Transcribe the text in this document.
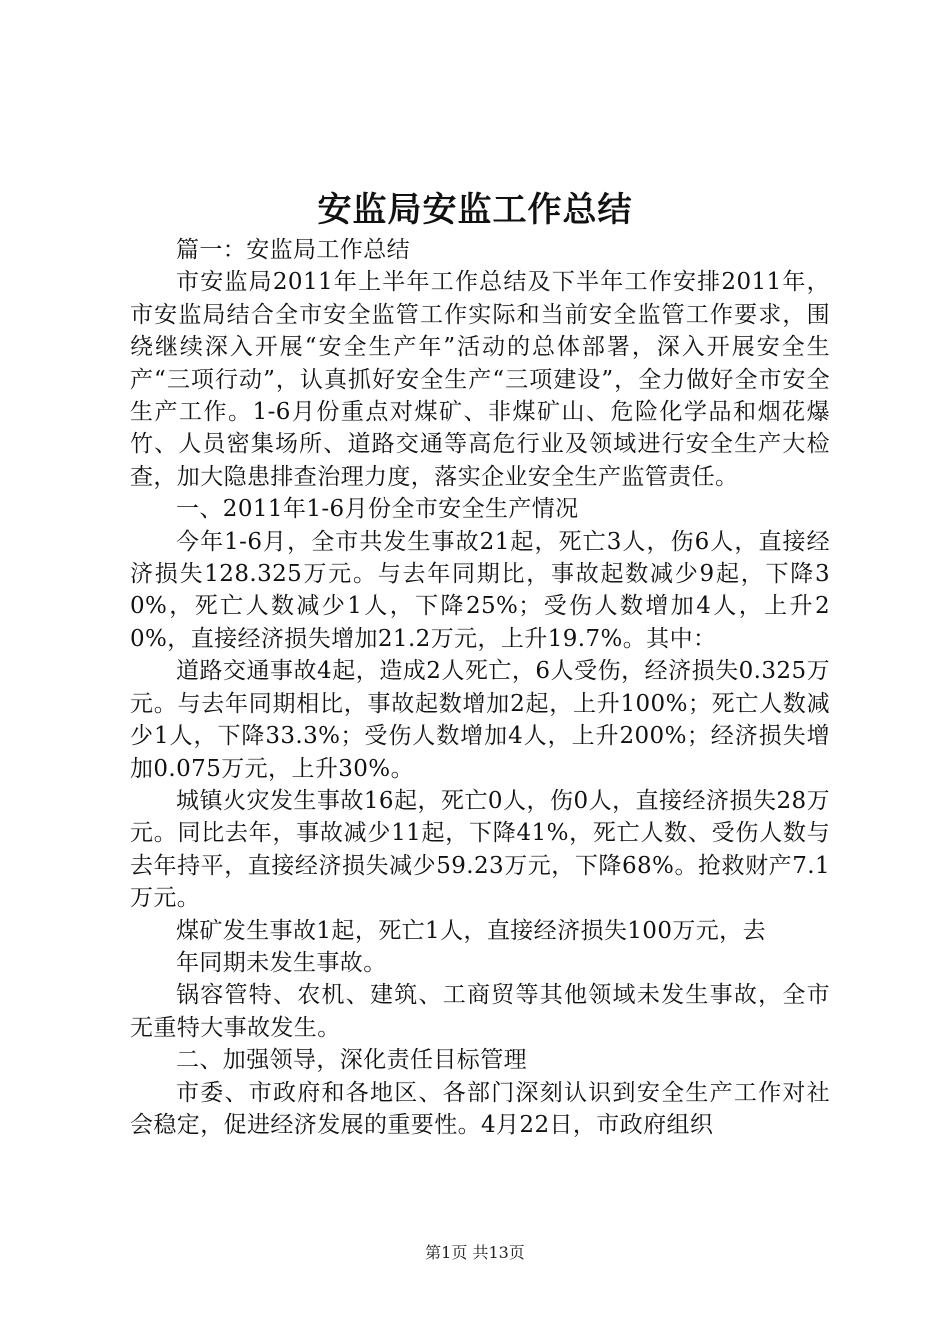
安监局安监工作总结

篇一：安监局工作总结

市安监局2011年上半年工作总结及下半年工作安排2011年，市安监局结合全市安全监管工作实际和当前安全监管工作要求，围绕继续深入开展“安全生产年”活动的总体部署，深入开展安全生产“三项行动”，认真抓好安全生产“三项建设”，全力做好全市安全生产工作。1-6月份重点对煤矿、非煤矿山、危险化学品和烟花爆竹、人员密集场所、道路交通等高危行业及领域进行安全生产大检查，加大隐患排查治理力度，落实企业安全生产监管责任。

一、2011年1-6月份全市安全生产情况

今年1-6月，全市共发生事故21起，死亡3人，伤6人，直接经济损失128.325万元。与去年同期比，事故起数减少9起，下降30%，死亡人数减少1人，下降25%；受伤人数增加4人，上升20%，直接经济损失增加21.2万元，上升19.7%。其中：

道路交通事故4起，造成2人死亡，6人受伤，经济损失0.325万元。与去年同期相比，事故起数增加2起，上升100%；死亡人数减少1人，下降33.3%；受伤人数增加4人，上升200%；经济损失增加0.075万元，上升30%。

城镇火灾发生事故16起，死亡0人，伤0人，直接经济损失28万元。同比去年，事故减少11起，下降41%，死亡人数、受伤人数与去年持平，直接经济损失减少59.23万元，下降68%。抢救财产7.1万元。

煤矿发生事故1起，死亡1人，直接经济损失100万元，去

年同期未发生事故。

锅容管特、农机、建筑、工商贸等其他领域未发生事故，全市无重特大事故发生。

二、加强领导，深化责任目标管理

市委、市政府和各地区、各部门深刻认识到安全生产工作对社会稳定，促进经济发展的重要性。4月22日，市政府组织

第1页 共13页
